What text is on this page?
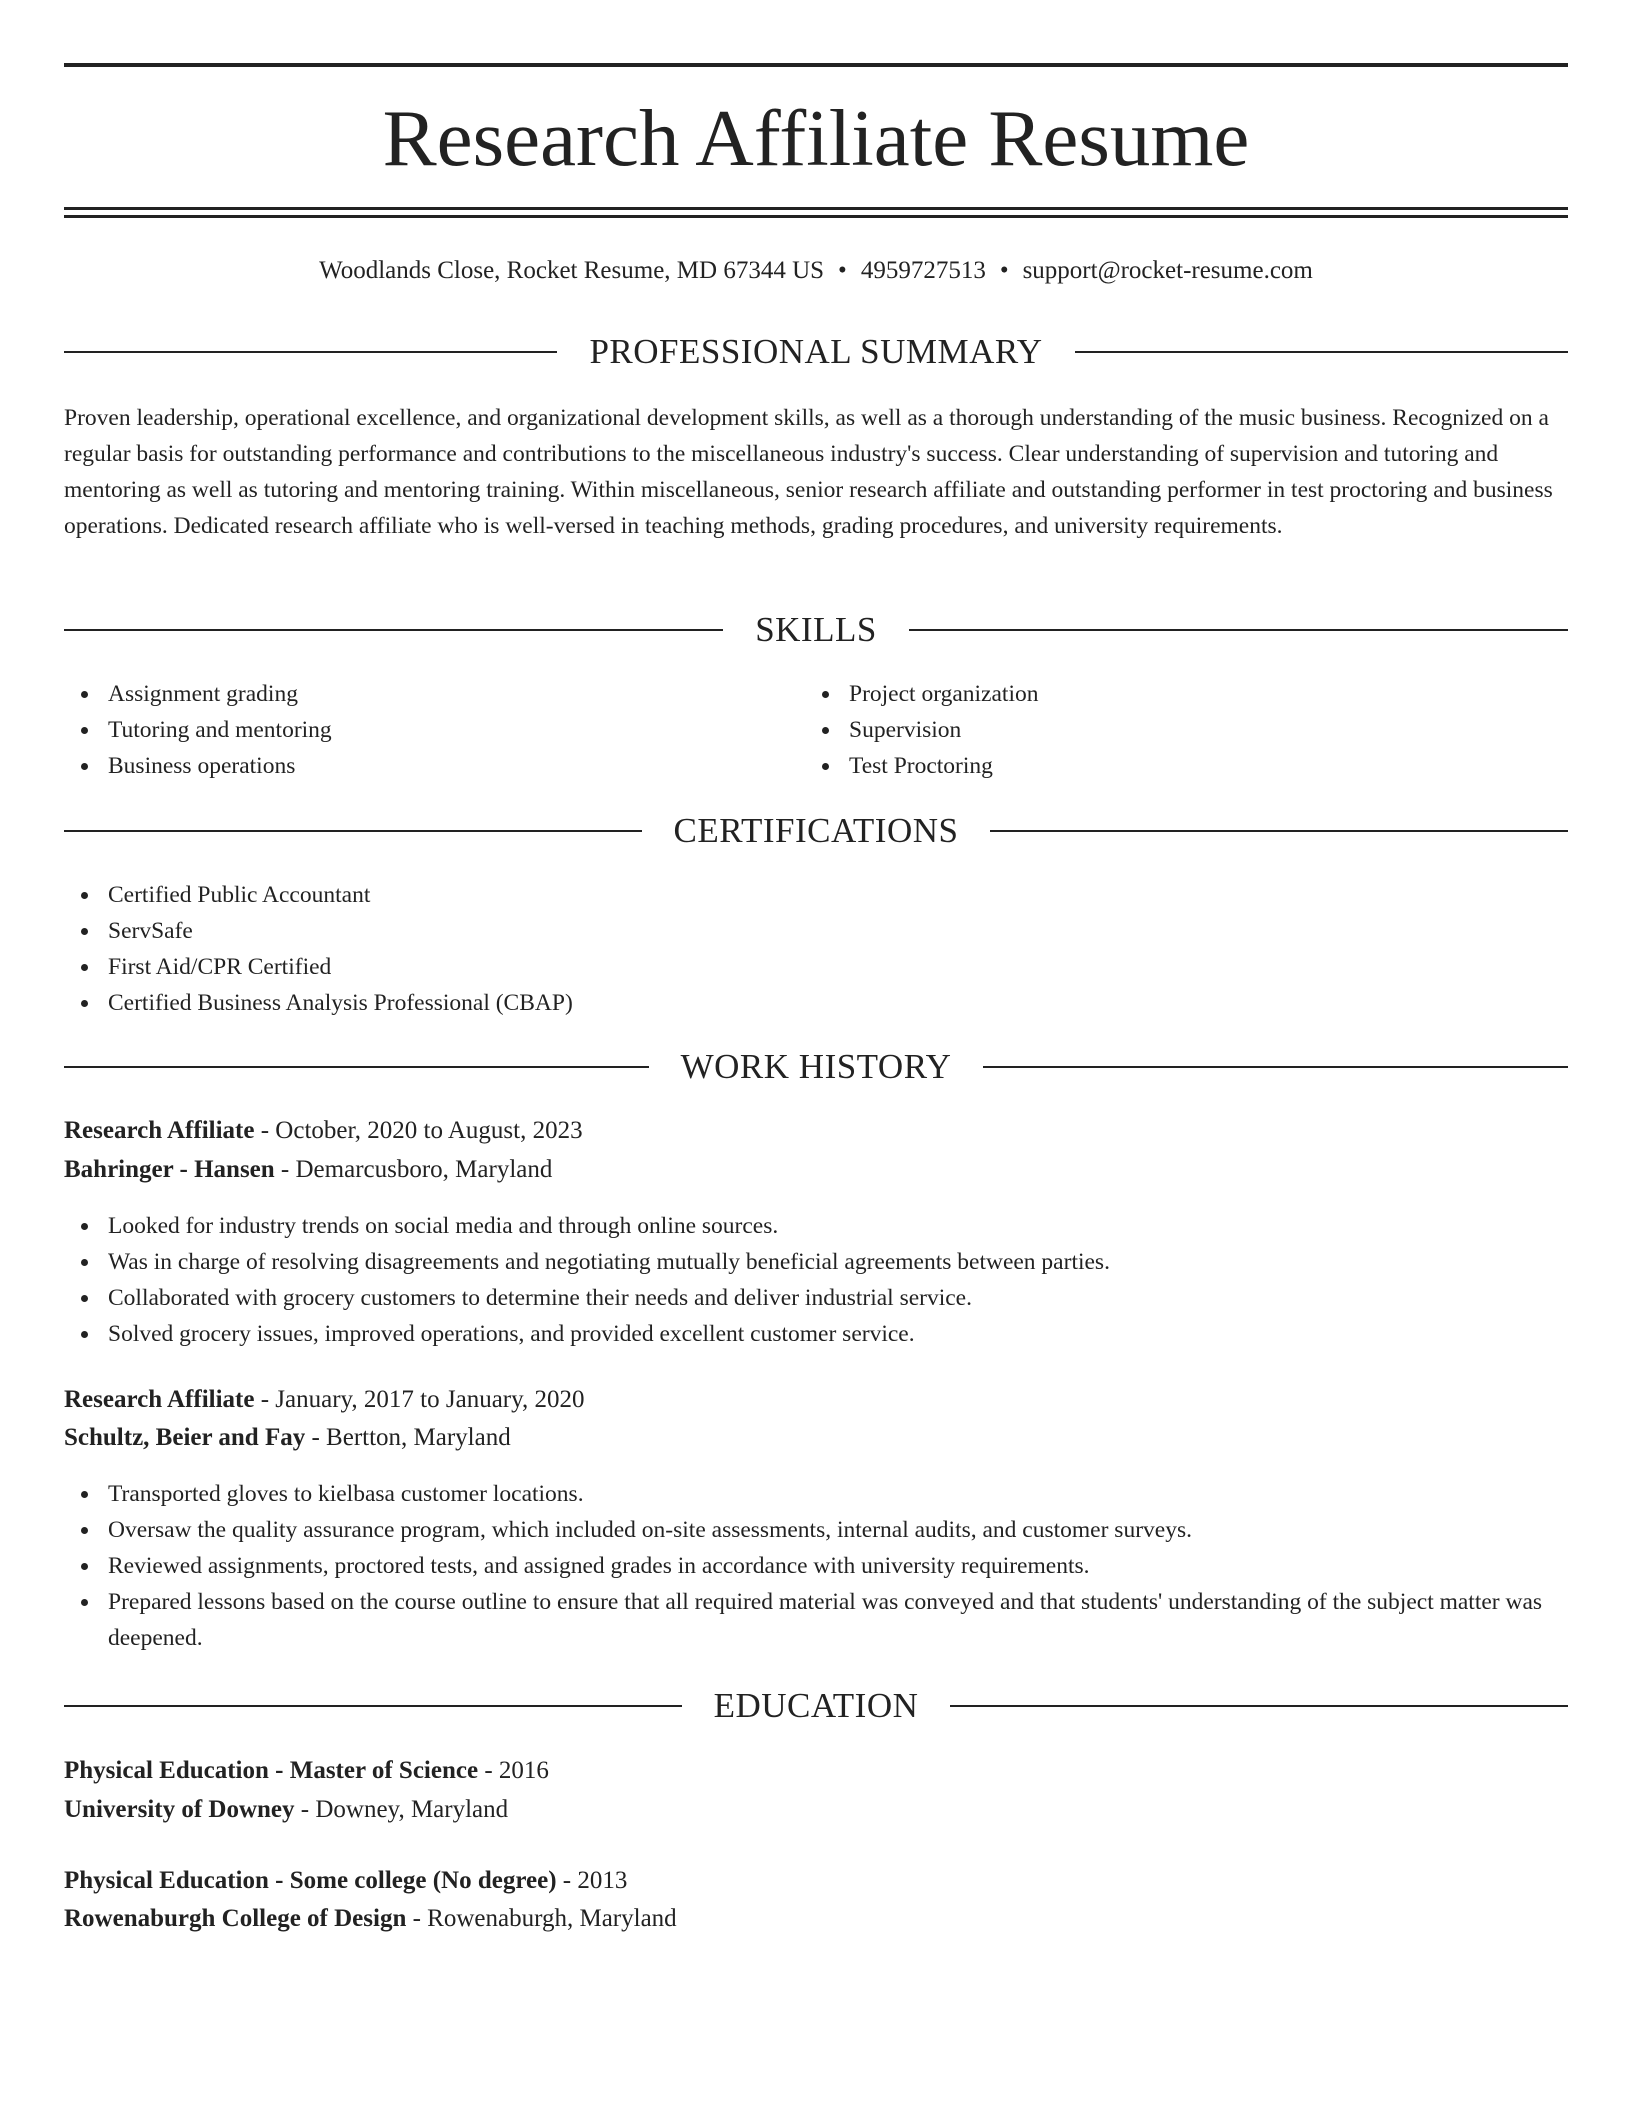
Research Affiliate Resume
Woodlands Close, Rocket Resume, MD 67344 US • 4959727513 • support@rocket-resume.com
PROFESSIONAL SUMMARY

Proven leadership, operational excellence, and organizational development skills, as well as a thorough understanding of the music business. Recognized on a regular basis for outstanding performance and contributions to the miscellaneous industry's success. Clear understanding of supervision and tutoring and mentoring as well as tutoring and mentoring training. Within miscellaneous, senior research affiliate and outstanding performer in test proctoring and business operations. Dedicated research affiliate who is well-versed in teaching methods, grading procedures, and university requirements.

SKILLS
Assignment grading
Tutoring and mentoring
Business operations
Project organization
Supervision
Test Proctoring
CERTIFICATIONS
Certified Public Accountant
ServSafe
First Aid/CPR Certified
Certified Business Analysis Professional (CBAP)
WORK HISTORY
Research Affiliate - October, 2020 to August, 2023
Bahringer - Hansen - Demarcusboro, Maryland
Looked for industry trends on social media and through online sources.
Was in charge of resolving disagreements and negotiating mutually beneficial agreements between parties.
Collaborated with grocery customers to determine their needs and deliver industrial service.
Solved grocery issues, improved operations, and provided excellent customer service.
Research Affiliate - January, 2017 to January, 2020
Schultz, Beier and Fay - Bertton, Maryland
Transported gloves to kielbasa customer locations.
Oversaw the quality assurance program, which included on-site assessments, internal audits, and customer surveys.
Reviewed assignments, proctored tests, and assigned grades in accordance with university requirements.
Prepared lessons based on the course outline to ensure that all required material was conveyed and that students' understanding of the subject matter was deepened.
EDUCATION
Physical Education - Master of Science - 2016
University of Downey - Downey, Maryland
Physical Education - Some college (No degree) - 2013
Rowenaburgh College of Design - Rowenaburgh, Maryland
